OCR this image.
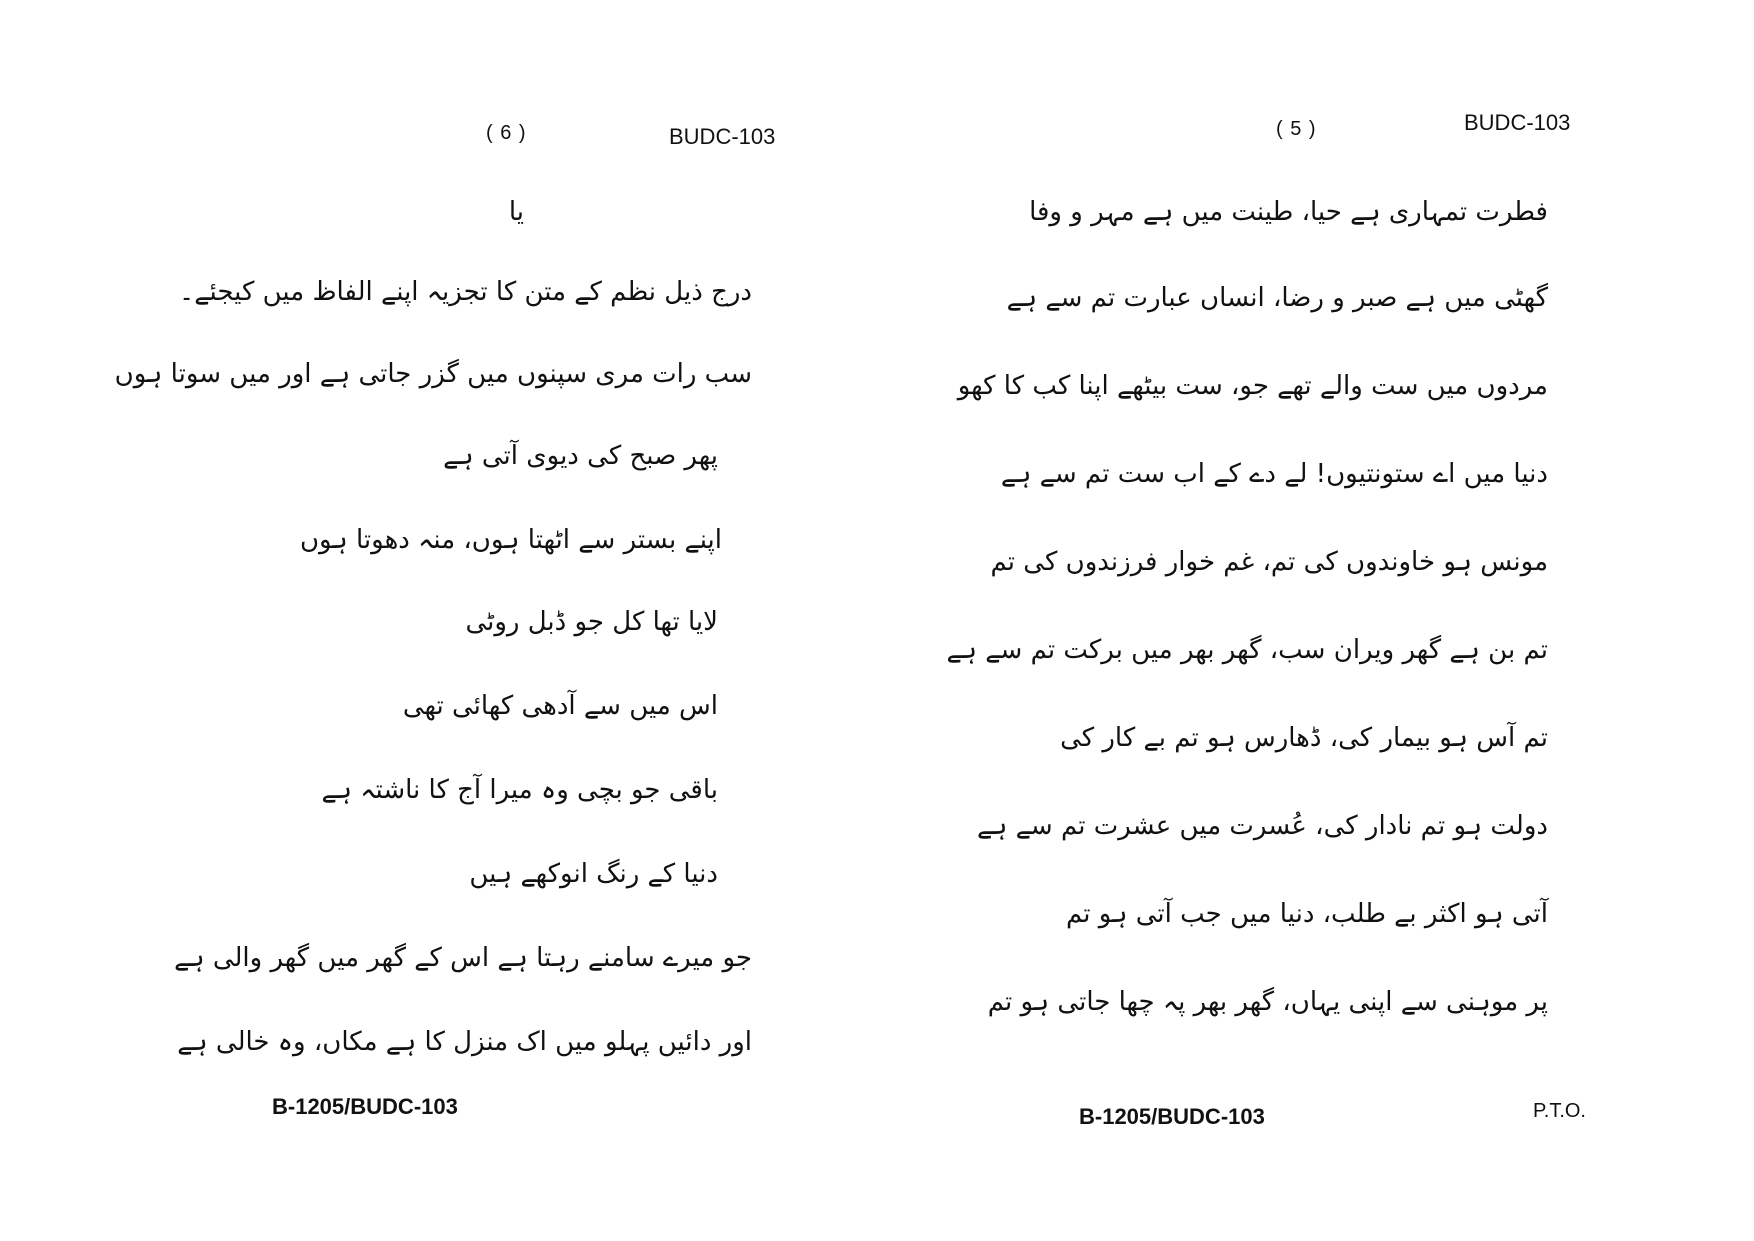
( 6 )	BUDC-103
یا
درج ذیل نظم کے متن کا تجزیہ اپنے الفاظ میں کیجئے۔
سب رات مری سپنوں میں گزر جاتی ہے اور میں سوتا ہوں
پھر صبح کی دیوی آتی ہے
اپنے بستر سے اٹھتا ہوں، منہ دھوتا ہوں
لایا تھا کل جو ڈبل روٹی
اس میں سے آدھی کھائی تھی
باقی جو بچی وہ میرا آج کا ناشتہ ہے
دنیا کے رنگ انوکھے ہیں
جو میرے سامنے رہتا ہے اس کے گھر میں گھر والی ہے
اور دائیں پہلو میں اک منزل کا ہے مکاں، وہ خالی ہے
B-1205/BUDC-103
( 5 )	BUDC-103
فطرت تمہاری ہے حیا، طینت میں ہے مہر و وفا
گھٹی میں ہے صبر و رضا، انساں عبارت تم سے ہے
مردوں میں ست والے تھے جو، ست بیٹھے اپنا کب کا کھو
دنیا میں اے ستونتیوں! لے دے کے اب ست تم سے ہے
مونس ہو خاوندوں کی تم، غم خوار فرزندوں کی تم
تم بن ہے گھر ویران سب، گھر بھر میں برکت تم سے ہے
تم آس ہو بیمار کی، ڈھارس ہو تم بے کار کی
دولت ہو تم نادار کی، عُسرت میں عشرت تم سے ہے
آتی ہو اکثر بے طلب، دنیا میں جب آتی ہو تم
پر موہنی سے اپنی یہاں، گھر بھر پہ چھا جاتی ہو تم
B-1205/BUDC-103	P.T.O.
